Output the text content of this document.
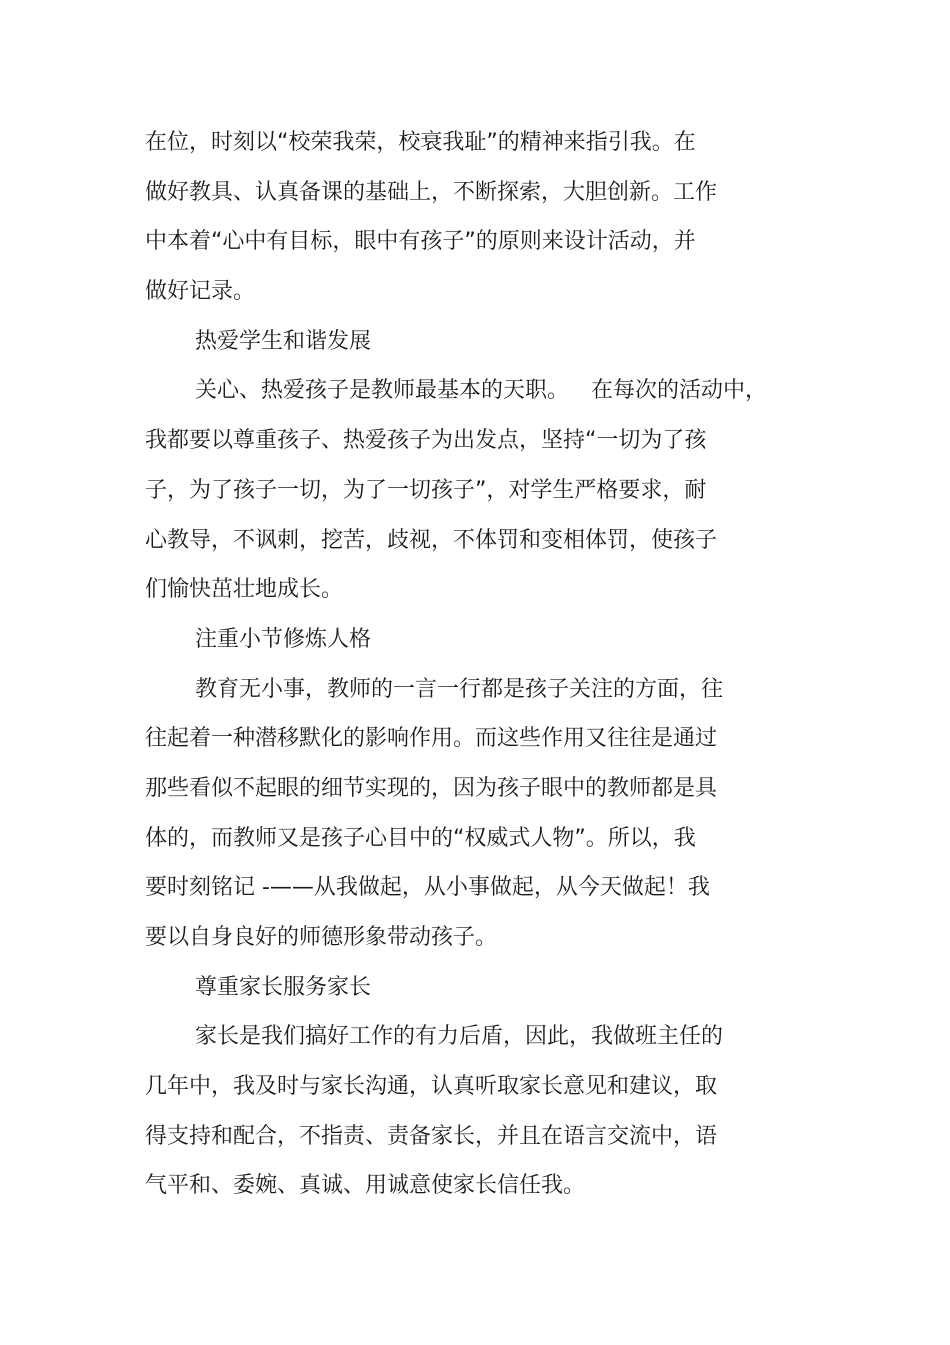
在位，时刻以“校荣我荣，校衰我耻”的精神来指引我。在
做好教具、认真备课的基础上，不断探索，大胆创新。工作
中本着“心中有目标，眼中有孩子”的原则来设计活动，并
做好记录。
热爱学生和谐发展
关心、热爱孩子是教师最基本的天职。 在每次的活动中，
我都要以尊重孩子、热爱孩子为出发点，坚持“一切为了孩
子，为了孩子一切，为了一切孩子”，对学生严格要求，耐
心教导，不讽刺，挖苦，歧视，不体罚和变相体罚，使孩子
们愉快茁壮地成长。
注重小节修炼人格
教育无小事，教师的一言一行都是孩子关注的方面，往
往起着一种潜移默化的影响作用。而这些作用又往往是通过
那些看似不起眼的细节实现的，因为孩子眼中的教师都是具
体的，而教师又是孩子心目中的“权威式人物”。所以，我
要时刻铭记 -——从我做起，从小事做起，从今天做起！我
要以自身良好的师德形象带动孩子。
尊重家长服务家长
家长是我们搞好工作的有力后盾，因此，我做班主任的
几年中，我及时与家长沟通，认真听取家长意见和建议，取
得支持和配合，不指责、责备家长，并且在语言交流中，语
气平和、委婉、真诚、用诚意使家长信任我。
